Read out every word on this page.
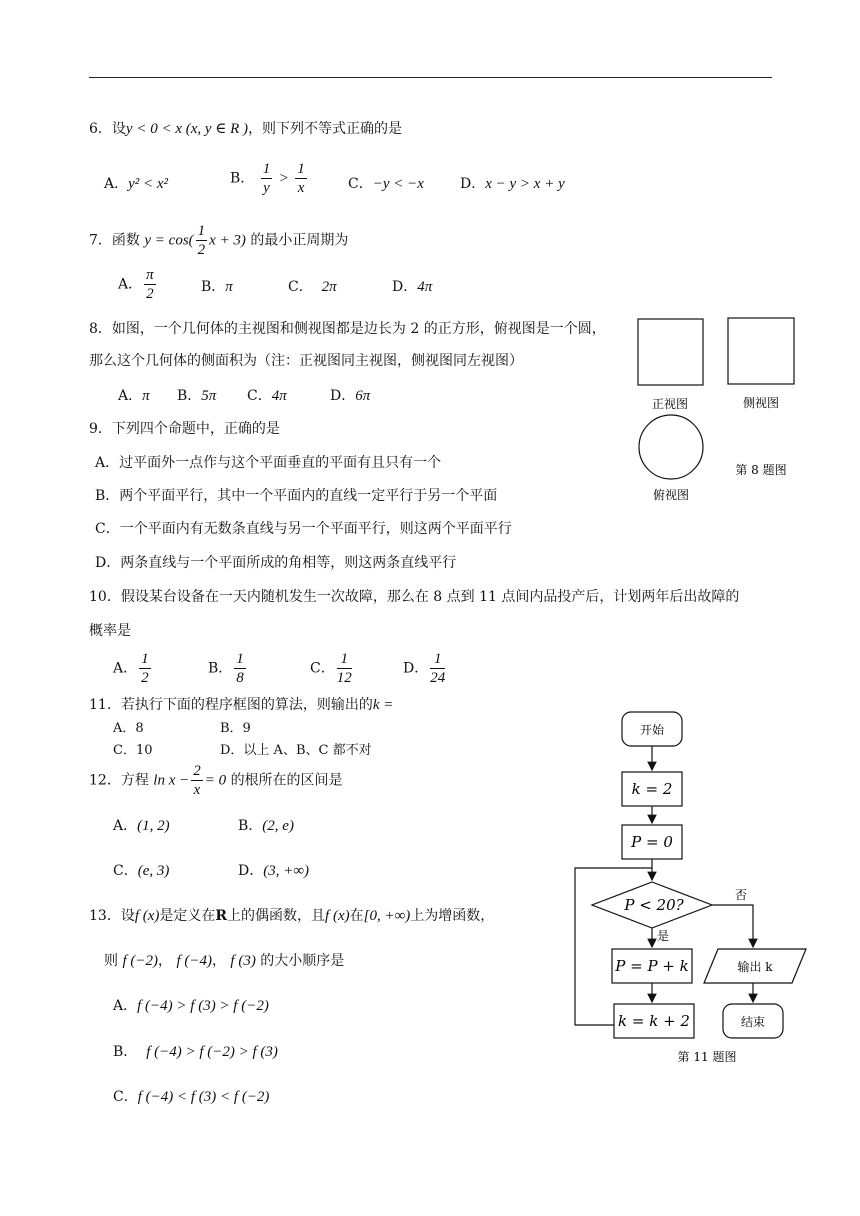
6．设y < 0 < x (x, y ∈ R )，则下列不等式正确的是
A．y² < x²	B． $\frac{1}{y} > \frac{1}{x}$	C．−y < −x	D．x − y > x + y
7．函数 $y = \cos( \frac{1}{2}$ x + 3) 的最小正周期为
A． $\frac{\pi}{2}$	B．π	C． 2π	D．4π
8．如图，一个几何体的主视图和侧视图都是边长为 2 的正方形，俯视图是一个圆，
那么这个几何体的侧面积为（注：正视图同主视图，侧视图同左视图）
A．π B．5π C．4π	D．6π	正视图	侧视图
俯视图
第 8 题图
9．下列四个命题中，正确的是
A．过平面外一点作与这个平面垂直的平面有且只有一个
B．两个平面平行，其中一个平面内的直线一定平行于另一个平面
C．一个平面内有无数条直线与另一个平面平行，则这两个平面平行
D．两条直线与一个平面所成的角相等，则这两条直线平行
10．假设某台设备在一天内随机发生一次故障，那么在 8 点到 11 点间内品投产后，计划两年后出故障的
概率是
A． $\frac{1}{2}$	B． $\frac{1}{8}$	C． $\frac{1}{12}$	D． $\frac{1}{24}$
11．若执行下面的程序框图的算法，则输出的k =
A．8	B．9
C．10	D．以上 A、B、C 都不对
开始
k = 2
P = 0
P < 20?
是
否
P = P + k
k = k + 2
输出 k
结束
第 11 题图
12．方程 $\ln x - \frac{2}{x} = 0$ 的根所在的区间是
A．(1, 2)	B．(2, e)
C．(e, 3)	D．(3, +∞)
13．设f (x)是定义在R上的偶函数，且f (x)在[0, +∞)上为增函数，
则 f (−2)， f (−4)， f (3) 的大小顺序是
A．f (−4) > f (3) > f (−2)
B． f (−4) > f (−2) > f (3)
C．f (−4) < f (3) < f (−2)
